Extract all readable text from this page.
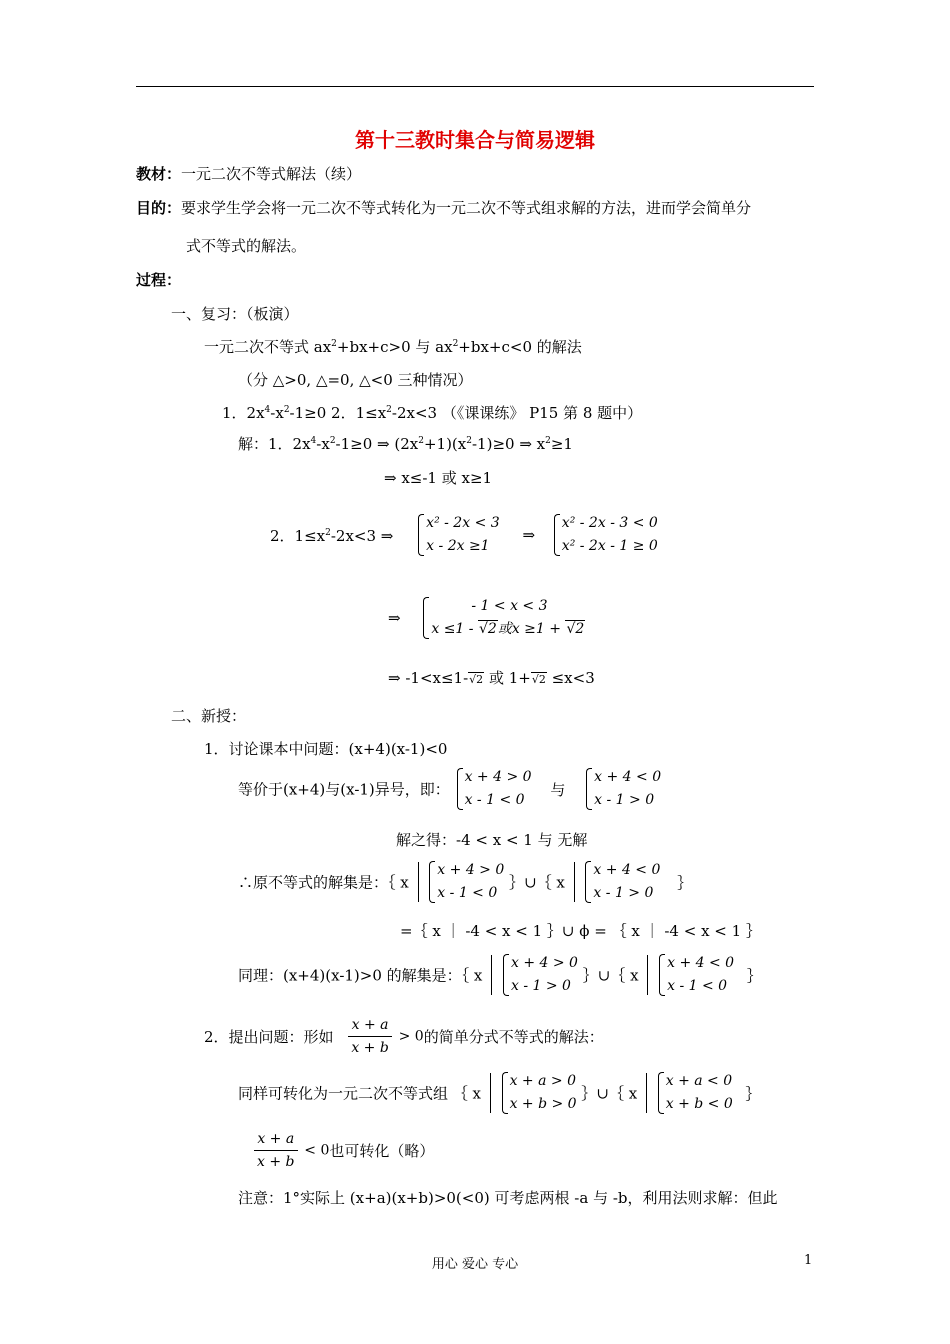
第十三教时集合与简易逻辑
教材：一元二次不等式解法（续）
目的：要求学生学会将一元二次不等式转化为一元二次不等式组求解的方法，进而学会简单分
式不等式的解法。
过程：
一、复习：（板演）
一元二次不等式 $ax^2+bx+c>0$ 与 $ax^2+bx+c<0$ 的解法
（分 △>0, △=0, △<0 三种情况）
1．$2x^4-x^2-1\ge 0$ 2．$1\le x^2-2x<3$ （《课课练》 P15 第 8 题中）
解：1．$2x^4-x^2-1\ge 0$ ⇒ $(2x^2+1)(x^2-1)\ge 0$ ⇒ $x^2\ge 1$
⇒ x≤-1 或 x≥1
2．$1\le x^2-2x<3$ ⇒
x² - 2x < 3
x - 2x ≥1
⇒
x² - 2x - 3 < 0
x² - 2x - 1 ≥ 0
⇒
- 1 < x < 3
x ≤1 - √2或x ≥1 + √2
⇒ -1<x≤1-√2 或 1+√2 ≤x<3
二、新授：
1．讨论课本中问题：(x+4)(x-1)<0
等价于(x+4)与(x-1)异号，即：
x + 4 > 0
x - 1 < 0
与
x + 4 < 0
x - 1 > 0
解之得：-4 < x < 1 与 无解
∴原不等式的解集是：｛ x
x + 4 > 0
x - 1 < 0
｝∪｛ x
x + 4 < 0
x - 1 > 0
｝
=｛ x ｜ -4 < x < 1 ｝∪ ϕ = ｛ x ｜ -4 < x < 1 ｝
同理：(x+4)(x-1)>0 的解集是：｛ x
x + 4 > 0
x - 1 > 0
｝∪｛ x
x + 4 < 0
x - 1 < 0
｝
2．提出问题：形如 $\frac{x + a}{x + b} > 0$的简单分式不等式的解法：
同样可转化为一元二次不等式组 ｛ x
x + a > 0
x + b > 0
｝∪｛ x
x + a < 0
x + b < 0
｝
$\frac{x + a}{x + b} < 0$也可转化（略）
注意：1°实际上 (x+a)(x+b)>0(<0) 可考虑两根 -a 与 -b，利用法则求解：但此
用心 爱心 专心	1
